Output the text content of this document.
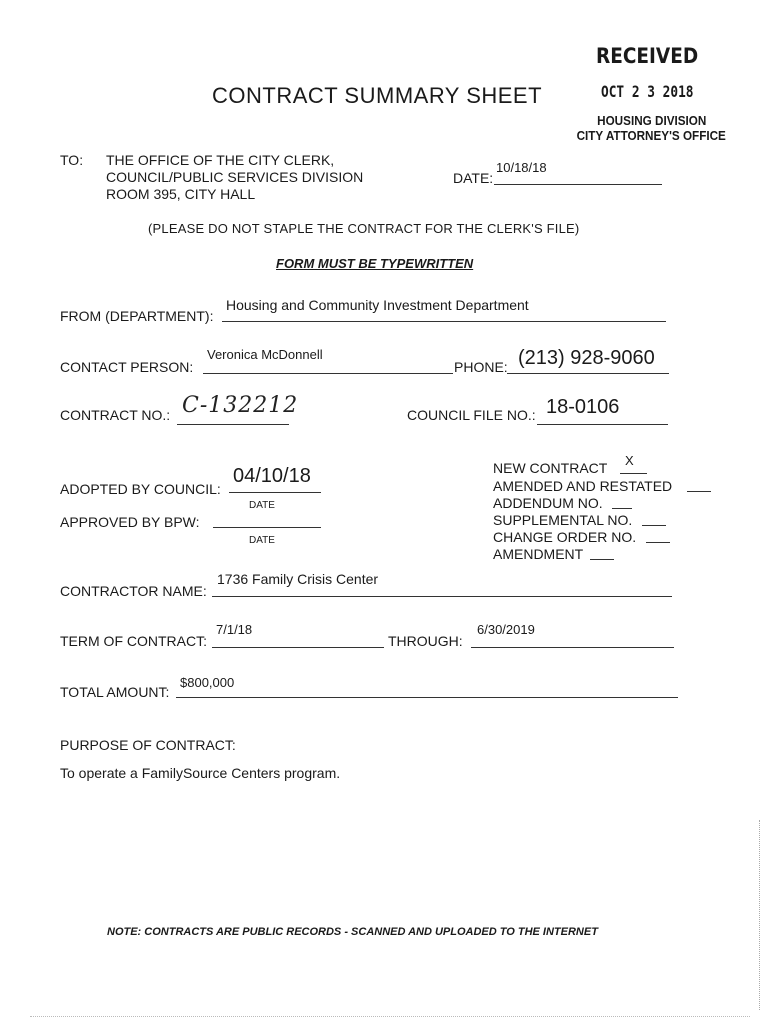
RECEIVED
OCT 2 3 2018
HOUSING DIVISION
CITY ATTORNEY'S OFFICE
CONTRACT SUMMARY SHEET
TO: THE OFFICE OF THE CITY CLERK,
COUNCIL/PUBLIC SERVICES DIVISION
ROOM 395, CITY HALL
DATE:
10/18/18
(PLEASE DO NOT STAPLE THE CONTRACT FOR THE CLERK'S FILE)
FORM MUST BE TYPEWRITTEN
FROM (DEPARTMENT):
Housing and Community Investment Department
CONTACT PERSON:
Veronica McDonnell
PHONE: (213) 928-9060
CONTRACT NO.: C-132212	COUNCIL FILE NO.: 18-0106
ADOPTED BY COUNCIL:
04/10/18
DATE
APPROVED BY BPW:
DATE
NEW CONTRACT X
AMENDED AND RESTATED
ADDENDUM NO.
SUPPLEMENTAL NO.
CHANGE ORDER NO.
AMENDMENT
CONTRACTOR NAME:
1736 Family Crisis Center
TERM OF CONTRACT:
7/1/18
THROUGH:
6/30/2019
TOTAL AMOUNT:
$800,000
PURPOSE OF CONTRACT:
To operate a FamilySource Centers program.
NOTE: CONTRACTS ARE PUBLIC RECORDS - SCANNED AND UPLOADED TO THE INTERNET
